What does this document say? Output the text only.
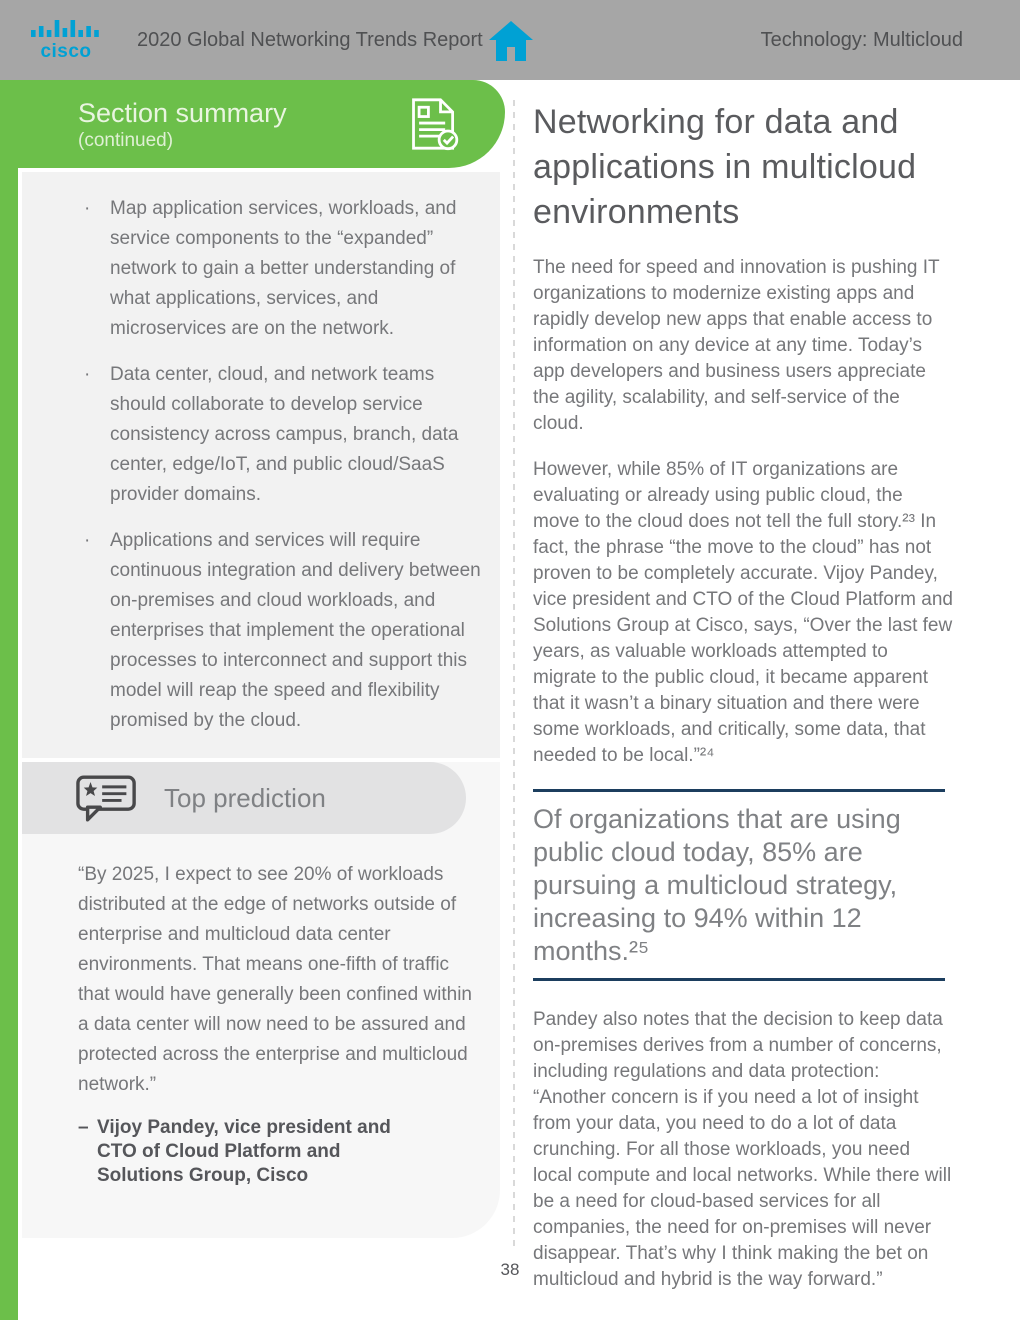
cisco
2020 Global Networking Trends Report	Technology: Multicloud
Section summary
(continued)
·	Map application services, workloads, and service components to the “expanded” network to gain a better understanding of what applications, services, and microservices are on the network.
·	Data center, cloud, and network teams should collaborate to develop service consistency across campus, branch, data center, edge/IoT, and public cloud/SaaS provider domains.
·	Applications and services will require continuous integration and delivery between on-premises and cloud workloads, and enterprises that implement the operational processes to interconnect and support this model will reap the speed and flexibility promised by the cloud.
Top prediction
“By 2025, I expect to see 20% of workloads distributed at the edge of networks outside of enterprise and multicloud data center environments. That means one-fifth of traffic that would have generally been confined within a data center will now need to be assured and protected across the enterprise and multicloud network.”
– Vijoy Pandey, vice president and CTO of Cloud Platform and Solutions Group, Cisco
Networking for data and applications in multicloud environments

The need for speed and innovation is pushing IT organizations to modernize existing apps and rapidly develop new apps that enable access to information on any device at any time. Today’s app developers and business users appreciate the agility, scalability, and self-service of the cloud.

However, while 85% of IT organizations are evaluating or already using public cloud, the move to the cloud does not tell the full story.²³ In fact, the phrase “the move to the cloud” has not proven to be completely accurate. Vijoy Pandey, vice president and CTO of the Cloud Platform and Solutions Group at Cisco, says, “Over the last few years, as valuable workloads attempted to migrate to the public cloud, it became apparent that it wasn’t a binary situation and there were some workloads, and critically, some data, that needed to be local.”²⁴

Of organizations that are using public cloud today, 85% are pursuing a multicloud strategy, increasing to 94% within 12 months.²⁵

Pandey also notes that the decision to keep data on-premises derives from a number of concerns, including regulations and data protection: “Another concern is if you need a lot of insight from your data, you need to do a lot of data crunching. For all those workloads, you need local compute and local networks. While there will be a need for cloud-based services for all companies, the need for on-premises will never disappear. That’s why I think making the bet on multicloud and hybrid is the way forward.”

38
